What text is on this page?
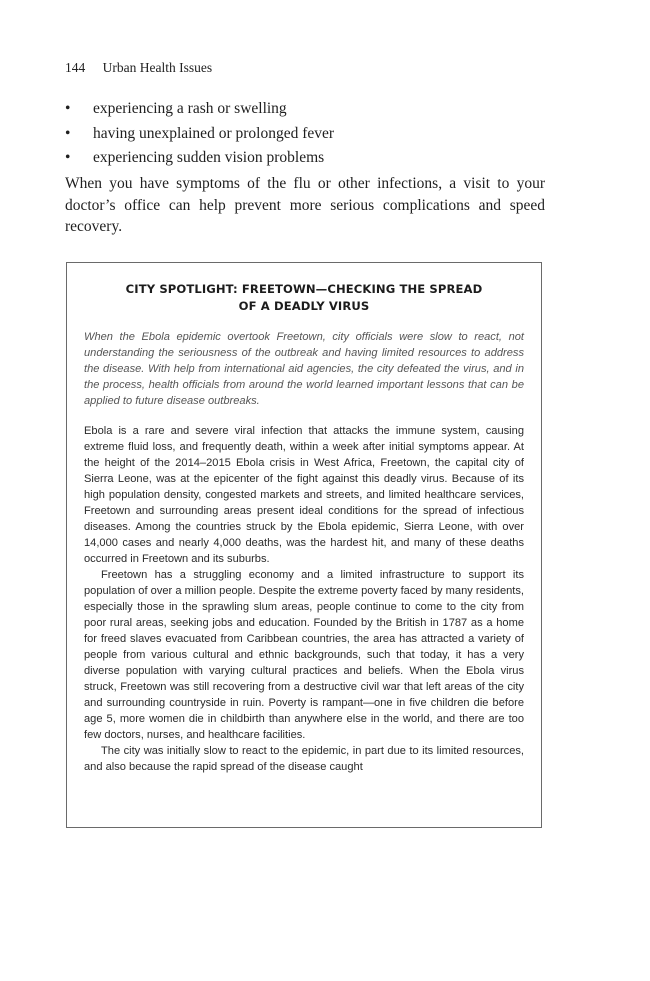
144 Urban Health Issues
• experiencing a rash or swelling
• having unexplained or prolonged fever
• experiencing sudden vision problems

When you have symptoms of the flu or other infections, a visit to your doctor’s office can help prevent more serious complications and speed recovery.

CITY SPOTLIGHT: FREETOWN—CHECKING THE SPREAD
OF A DEADLY VIRUS

When the Ebola epidemic overtook Freetown, city officials were slow to react, not understanding the seriousness of the outbreak and having limited resources to address the disease. With help from international aid agencies, the city defeated the virus, and in the process, health officials from around the world learned important lessons that can be applied to future disease outbreaks.

Ebola is a rare and severe viral infection that attacks the immune system, causing extreme fluid loss, and frequently death, within a week after initial symptoms appear. At the height of the 2014–2015 Ebola crisis in West Africa, Freetown, the capital city of Sierra Leone, was at the epicenter of the fight against this deadly virus. Because of its high population density, congested markets and streets, and limited healthcare services, Freetown and surrounding areas present ideal conditions for the spread of infectious diseases. Among the countries struck by the Ebola epidemic, Sierra Leone, with over 14,000 cases and nearly 4,000 deaths, was the hardest hit, and many of these deaths occurred in Freetown and its suburbs.

Freetown has a struggling economy and a limited infrastructure to support its population of over a million people. Despite the extreme poverty faced by many residents, especially those in the sprawling slum areas, people continue to come to the city from poor rural areas, seeking jobs and education. Founded by the British in 1787 as a home for freed slaves evacuated from Caribbean countries, the area has attracted a variety of people from various cultural and ethnic backgrounds, such that today, it has a very diverse population with varying cultural practices and beliefs. When the Ebola virus struck, Freetown was still recovering from a destructive civil war that left areas of the city and surrounding countryside in ruin. Poverty is rampant—one in five children die before age 5, more women die in childbirth than anywhere else in the world, and there are too few doctors, nurses, and healthcare facilities.

The city was initially slow to react to the epidemic, in part due to its limited resources, and also because the rapid spread of the disease caught
